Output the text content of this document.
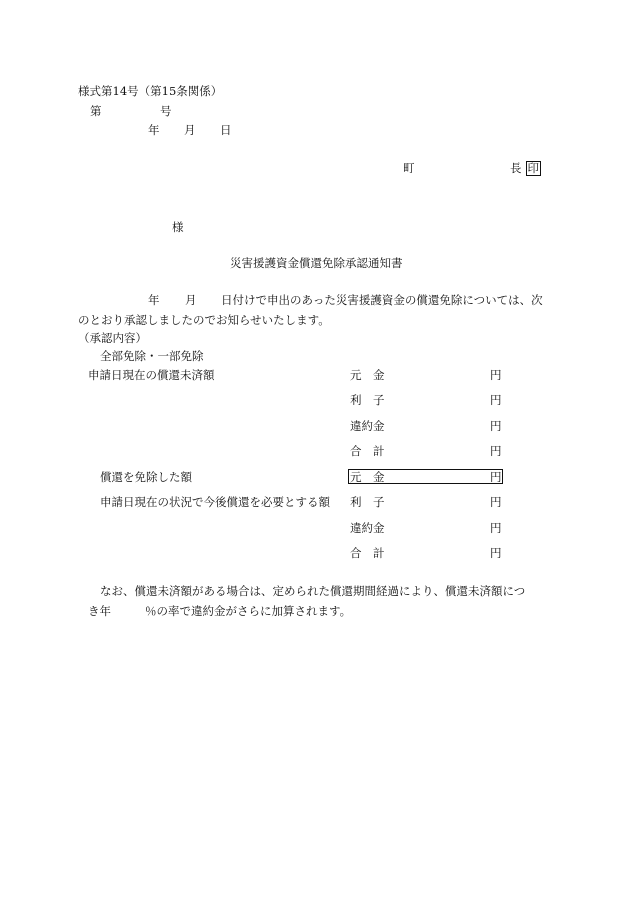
様式第14号（第15条関係）
第	号
年 月 日
町	長 印
様
災害援護資金償還免除承認通知書
年 月 日付けで申出のあった災害援護資金の償還免除については、次
のとおり承認しましたのでお知らせいたします。
（承認内容）
全部免除・一部免除
申請日現在の償還未済額	元　金	円
利　子	円
違約金	円
合　計	円
償還を免除した額	元　金	円
申請日現在の状況で今後償還を必要とする額 利　子	円
違約金	円
合　計	円
なお、償還未済額がある場合は、定められた償還期間経過により、償還未済額につ
き年	％の率で違約金がさらに加算されます。
